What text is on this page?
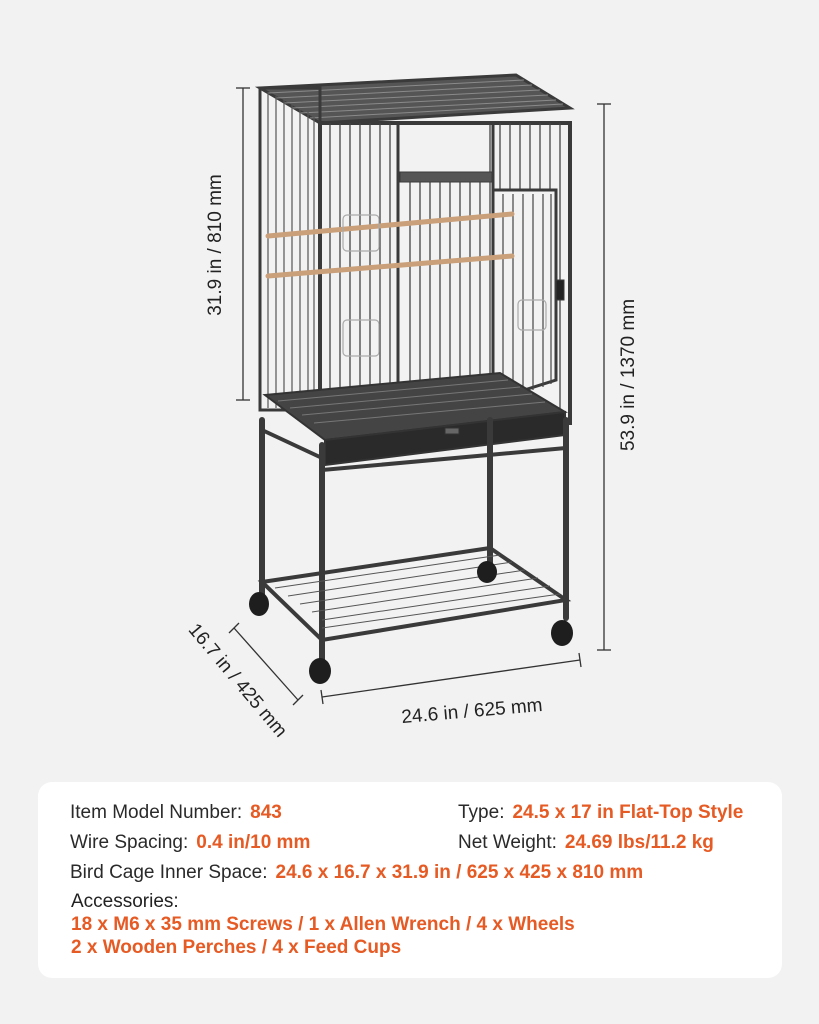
31.9 in / 810 mm
53.9 in / 1370 mm
24.6 in / 625 mm
16.7 in / 425 mm
Item Model Number: 843	Type: 24.5 x 17 in Flat-Top Style
Wire Spacing: 0.4 in/10 mm	Net Weight: 24.69 lbs/11.2 kg
Bird Cage Inner Space: 24.6 x 16.7 x 31.9 in / 625 x 425 x 810 mm
Accessories:
18 x M6 x 35 mm Screws / 1 x Allen Wrench / 4 x Wheels
2 x Wooden Perches / 4 x Feed Cups
